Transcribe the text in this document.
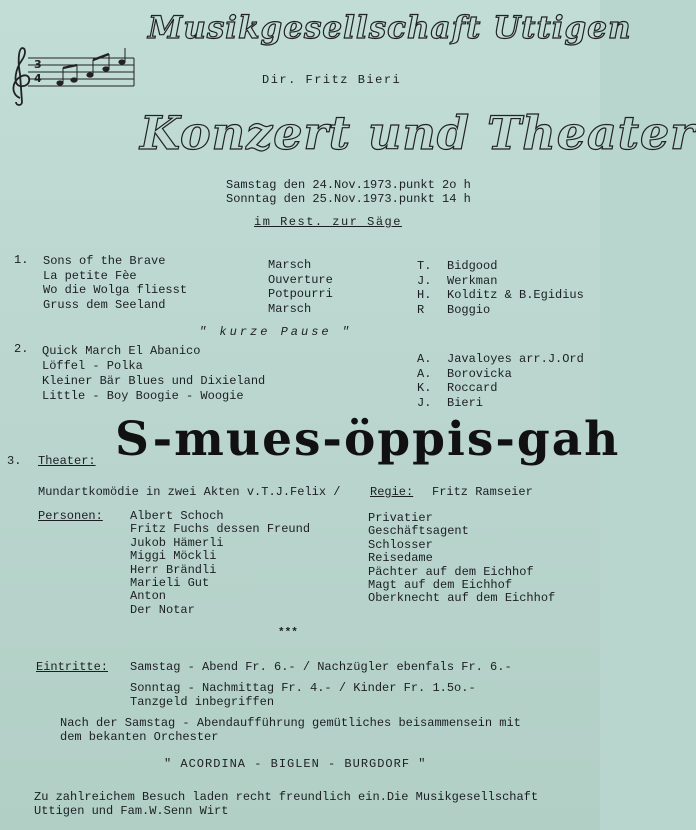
Musikgesellschaft Uttigen
3
4	Dir. Fritz Bieri
Konzert und Theater
Samstag den 24.Nov.1973.punkt 2o h
Sonntag den 25.Nov.1973.punkt 14 h
im Rest. zur Säge
1. Sons of the Brave
La petite Fèe
Wo die Wolga fliesst
Gruss dem Seeland
Marsch
Ouverture
Potpourri
Marsch
T.
J.
H.
R
Bidgood
Werkman
Kolditz & B.Egidius
Boggio
" kurze Pause "
2. Quick March El Abanico
Löffel - Polka
Kleiner Bär Blues und Dixieland
Little - Boy Boogie - Woogie
A.
A.
K.
J.
Javaloyes arr.J.Ord
Borovicka
Roccard
Bieri
3. Theater: S-mues-öppis-gah
Mundartkomödie in zwei Akten v.T.J.Felix / Regie: Fritz Ramseier
Personen: Albert Schoch
Fritz Fuchs dessen Freund
Jukob Hämerli
Miggi Möckli
Herr Brändli
Marieli Gut
Anton
Der Notar
Privatier
Geschäftsagent
Schlosser
Reisedame
Pächter auf dem Eichhof
Magt auf dem Eichhof
Oberknecht auf dem Eichhof
***
Eintritte: Samstag - Abend Fr. 6.- / Nachzügler ebenfals Fr. 6.-
Sonntag - Nachmittag Fr. 4.- / Kinder Fr. 1.5o.-
Tanzgeld inbegriffen
Nach der Samstag - Abendaufführung gemütliches beisammensein mit
dem bekanten Orchester
" ACORDINA - BIGLEN - BURGDORF "
Zu zahlreichem Besuch laden recht freundlich ein.Die Musikgesellschaft
Uttigen und Fam.W.Senn Wirt
